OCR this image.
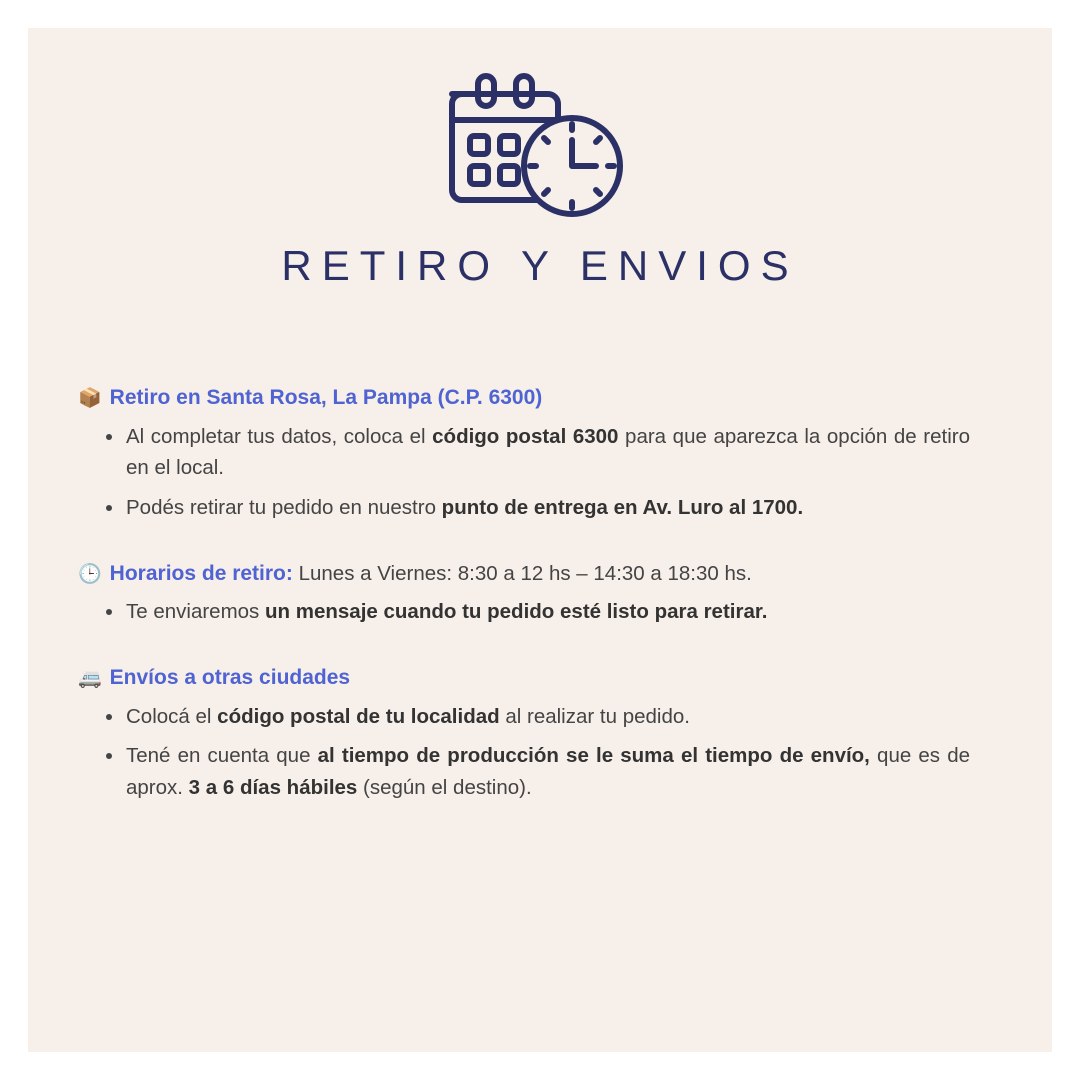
RETIRO Y ENVIOS
📦 Retiro en Santa Rosa, La Pampa (C.P. 6300)
Al completar tus datos, coloca el código postal 6300 para que aparezca la opción de retiro en el local.
Podés retirar tu pedido en nuestro punto de entrega en Av. Luro al 1700.
🕒 Horarios de retiro: Lunes a Viernes: 8:30 a 12 hs – 14:30 a 18:30 hs.
Te enviaremos un mensaje cuando tu pedido esté listo para retirar.
🚐 Envíos a otras ciudades
Colocá el código postal de tu localidad al realizar tu pedido.
Tené en cuenta que al tiempo de producción se le suma el tiempo de envío, que es de aprox. 3 a 6 días hábiles (según el destino).
